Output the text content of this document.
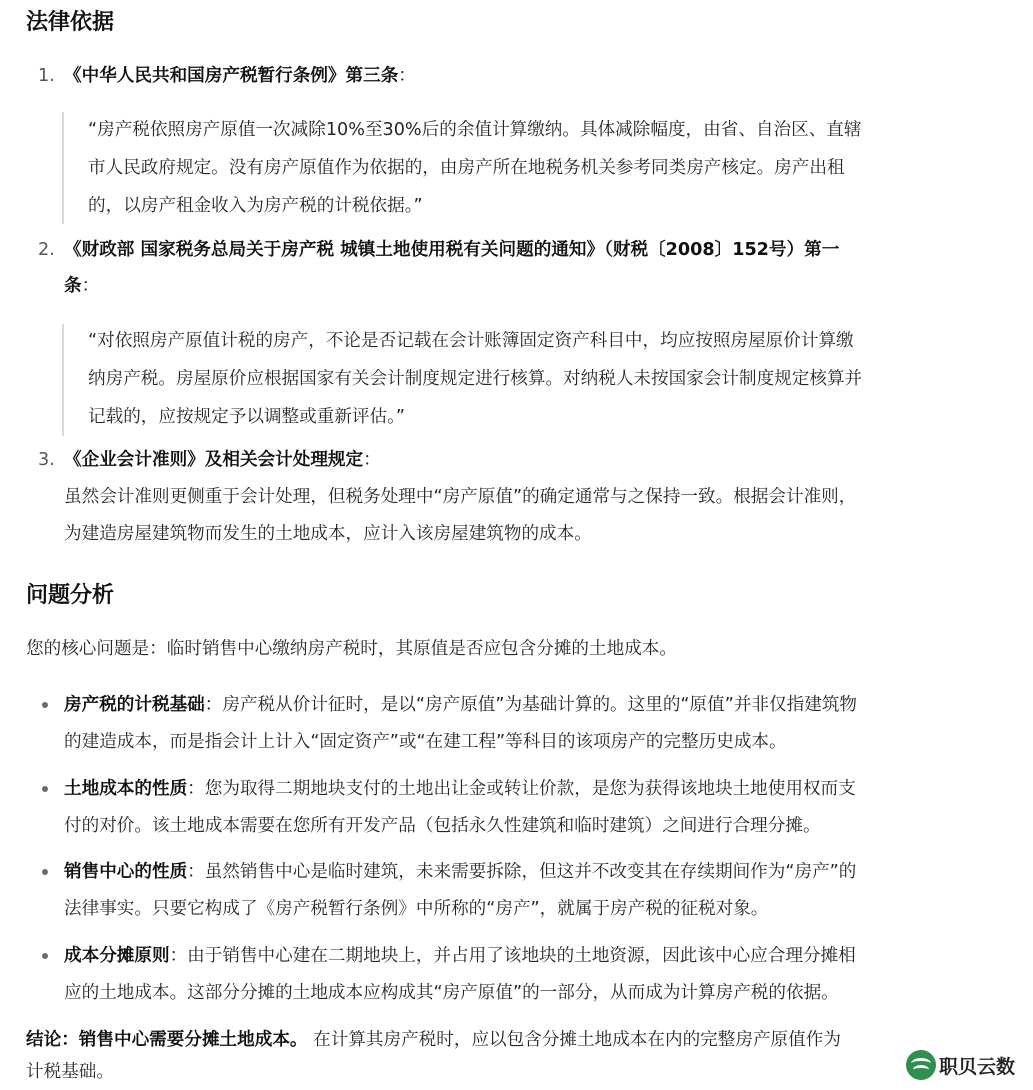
法律依据
1. 《中华人民共和国房产税暂行条例》第三条：
“房产税依照房产原值一次减除10%至30%后的余值计算缴纳。具体减除幅度，由省、自治区、直辖
市人民政府规定。没有房产原值作为依据的，由房产所在地税务机关参考同类房产核定。房产出租
的，以房产租金收入为房产税的计税依据。”
2. 《财政部 国家税务总局关于房产税 城镇土地使用税有关问题的通知》（财税〔2008〕152号）第一
条：
“对依照房产原值计税的房产，不论是否记载在会计账簿固定资产科目中，均应按照房屋原价计算缴
纳房产税。房屋原价应根据国家有关会计制度规定进行核算。对纳税人未按国家会计制度规定核算并
记载的，应按规定予以调整或重新评估。”
3. 《企业会计准则》及相关会计处理规定：
虽然会计准则更侧重于会计处理，但税务处理中“房产原值”的确定通常与之保持一致。根据会计准则，
为建造房屋建筑物而发生的土地成本，应计入该房屋建筑物的成本。
问题分析
您的核心问题是：临时销售中心缴纳房产税时，其原值是否应包含分摊的土地成本。
房产税的计税基础：房产税从价计征时，是以“房产原值”为基础计算的。这里的“原值”并非仅指建筑物
的建造成本，而是指会计上计入“固定资产”或“在建工程”等科目的该项房产的完整历史成本。
土地成本的性质：您为取得二期地块支付的土地出让金或转让价款，是您为获得该地块土地使用权而支
付的对价。该土地成本需要在您所有开发产品（包括永久性建筑和临时建筑）之间进行合理分摊。
销售中心的性质：虽然销售中心是临时建筑，未来需要拆除，但这并不改变其在存续期间作为“房产”的
法律事实。只要它构成了《房产税暂行条例》中所称的“房产”，就属于房产税的征税对象。
成本分摊原则：由于销售中心建在二期地块上，并占用了该地块的土地资源，因此该中心应合理分摊相
应的土地成本。这部分分摊的土地成本应构成其“房产原值”的一部分，从而成为计算房产税的依据。
结论：销售中心需要分摊土地成本。 在计算其房产税时，应以包含分摊土地成本在内的完整房产原值作为
计税基础。	职贝云数
